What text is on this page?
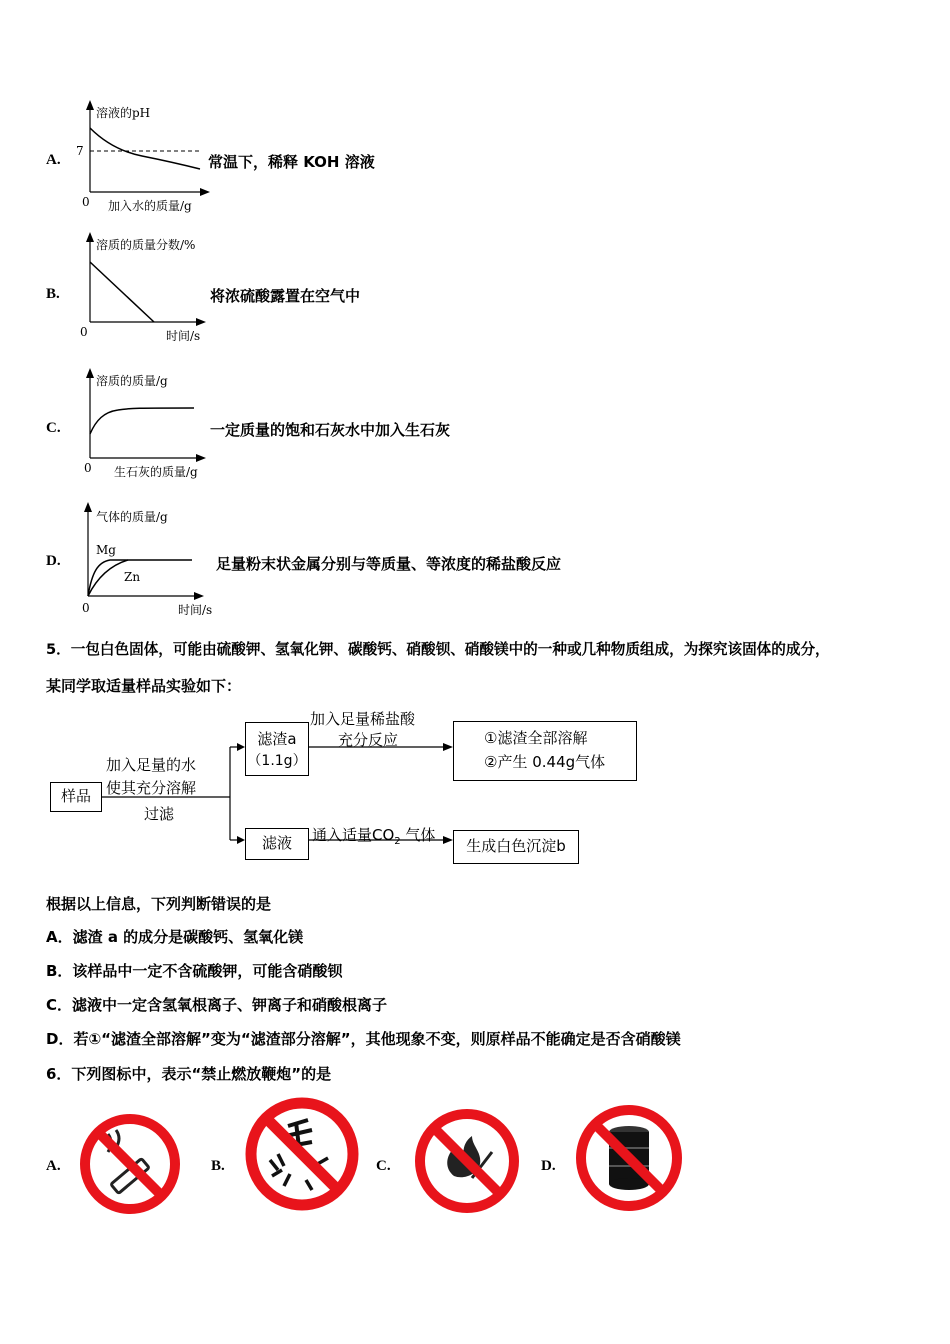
A.
溶液的pH
7
0 加入水的质量/g
常温下，稀释 KOH 溶液
B.
溶质的质量分数/%
0	时间/s
将浓硫酸露置在空气中
C.
溶质的质量/g
0 生石灰的质量/g
一定质量的饱和石灰水中加入生石灰
D.
气体的质量/g
Mg
Zn
0	时间/s
足量粉末状金属分别与等质量、等浓度的稀盐酸反应
5．一包白色固体，可能由硫酸钾、氢氧化钾、碳酸钙、硝酸钡、硝酸镁中的一种或几种物质组成，为探究该固体的成分，
某同学取适量样品实验如下：
样品
加入足量的水
使其充分溶解
过滤
滤渣a
（1.1g）
加入足量稀盐酸
充分反应	①滤渣全部溶解
②产生 0.44g气体
滤液	通入适量$CO_2$ 气体
生成白色沉淀b
根据以上信息，下列判断错误的是
A．滤渣 a 的成分是碳酸钙、氢氧化镁
B．该样品中一定不含硫酸钾，可能含硝酸钡
C．滤液中一定含氢氧根离子、钾离子和硝酸根离子
D．若①“滤渣全部溶解”变为“滤渣部分溶解”，其他现象不变，则原样品不能确定是否含硝酸镁
6．下列图标中，表示“禁止燃放鞭炮”的是
A.	B.	C.	D.
